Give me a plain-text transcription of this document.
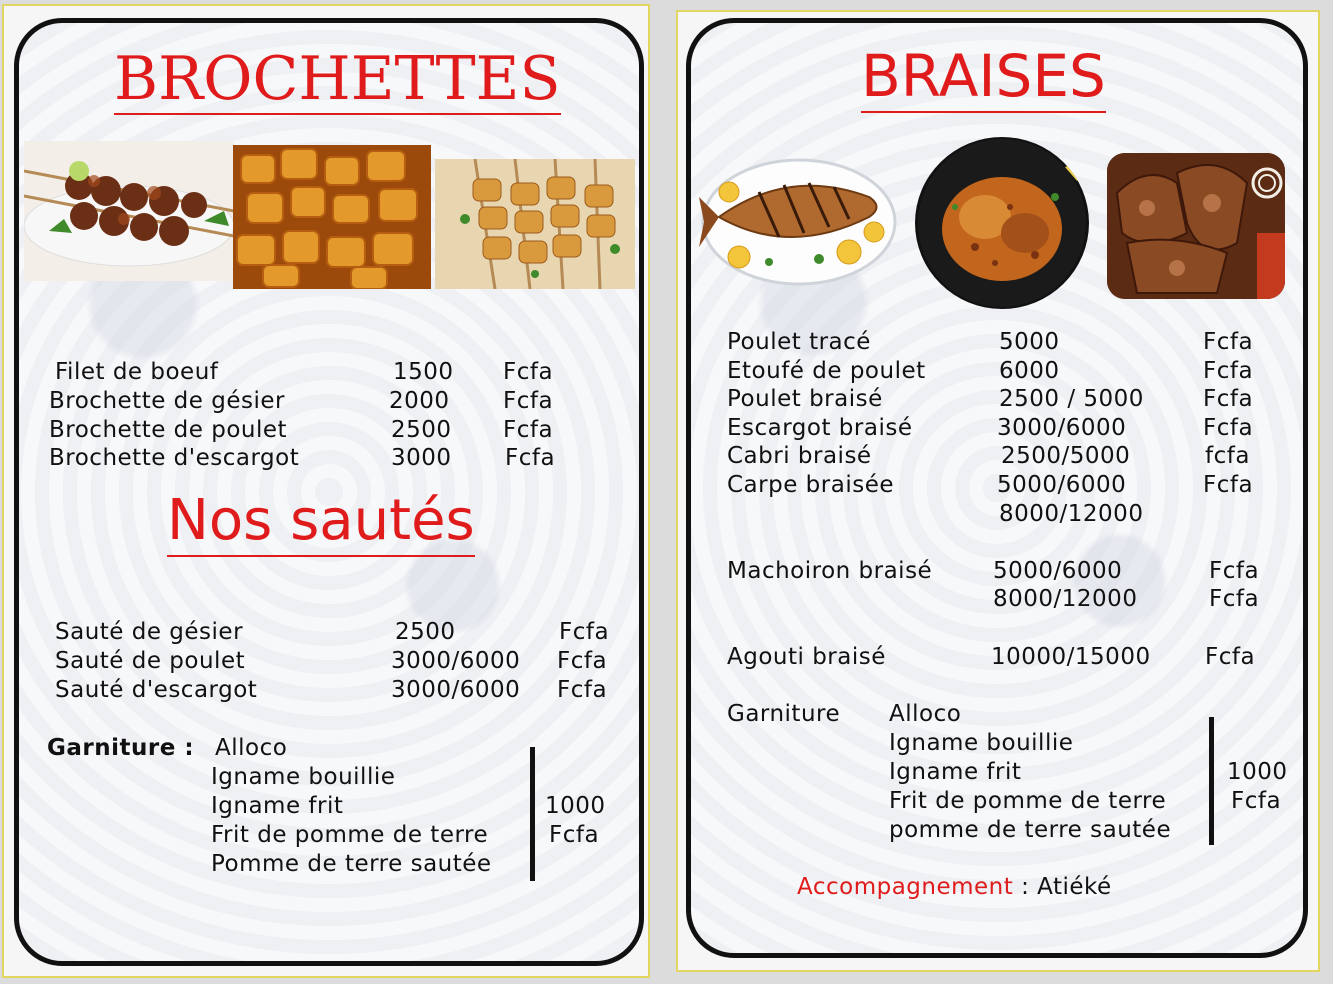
BROCHETTES
Filet de boeuf	1500 Fcfa
Brochette de gésier	2000 Fcfa
Brochette de poulet	2500 Fcfa
Brochette d'escargot	3000 Fcfa
Nos sautés
Sauté de gésier	2500	Fcfa
Sauté de poulet	3000/6000 Fcfa
Sauté d'escargot	3000/6000 Fcfa
Garniture : Alloco
Igname bouillie
Igname frit
Frit de pomme de terre
Pomme de terre sautée
1000
Fcfa
BRAISES
Poulet tracé	5000	Fcfa
Etoufé de poulet	6000	Fcfa
Poulet braisé	2500 / 5000	Fcfa
Escargot braisé	3000/6000	Fcfa
Cabri braisé	2500/5000	fcfa
Carpe braisée	5000/6000	Fcfa
8000/12000
Machoiron braisé	5000/6000	Fcfa
8000/12000	Fcfa
Agouti braisé	10000/15000 Fcfa
Garniture Alloco
Igname bouillie
Igname frit
Frit de pomme de terre
pomme de terre sautée
1000
Fcfa
Accompagnement : Atiéké
